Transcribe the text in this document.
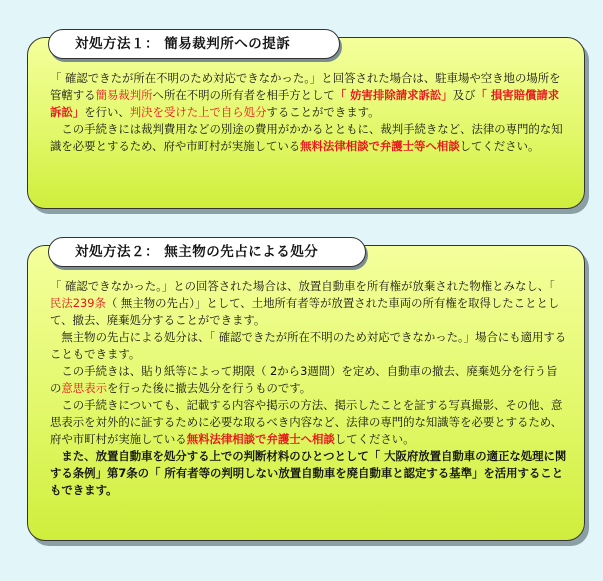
「 確認できたが所在不明のため対応できなかった。」と回答された場合は、駐車場や空き地の場所を管轄する簡易裁判所へ所在不明の所有者を相手方として「 妨害排除請求訴訟」及び「 損害賠償請求訴訟」を行い、判決を受けた上で自ら処分することができます。

　この手続きには裁判費用などの別途の費用がかかるとともに、裁判手続きなど、法律の専門的な知識を必要とするため、府や市町村が実施している無料法律相談で弁護士等へ相談してください。

対処方法１： 簡易裁判所への提訴

「 確認できなかった。」との回答された場合は、放置自動車を所有権が放棄された物権とみなし、「 民法239条（ 無主物の先占）」として、土地所有者等が放置された車両の所有権を取得したこととして、撤去、廃棄処分することができます。

　無主物の先占による処分は、「 確認できたが所在不明のため対応できなかった。」場合にも適用することもできます。

　この手続きは、貼り紙等によって期限（ 2から3週間）を定め、自動車の撤去、廃棄処分を行う旨の意思表示を行った後に撤去処分を行うものです。

　この手続きについても、記載する内容や掲示の方法、掲示したことを証する写真撮影、その他、意思表示を対外的に証するために必要な取るべき内容など、法律の専門的な知識等を必要とするため、府や市町村が実施している無料法律相談で弁護士へ相談してください。

　また、放置自動車を処分する上での判断材料のひとつとして「 大阪府放置自動車の適正な処理に関する条例」第7条の「 所有者等の判明しない放置自動車を廃自動車と認定する基準」を活用することもできます。

対処方法２： 無主物の先占による処分
